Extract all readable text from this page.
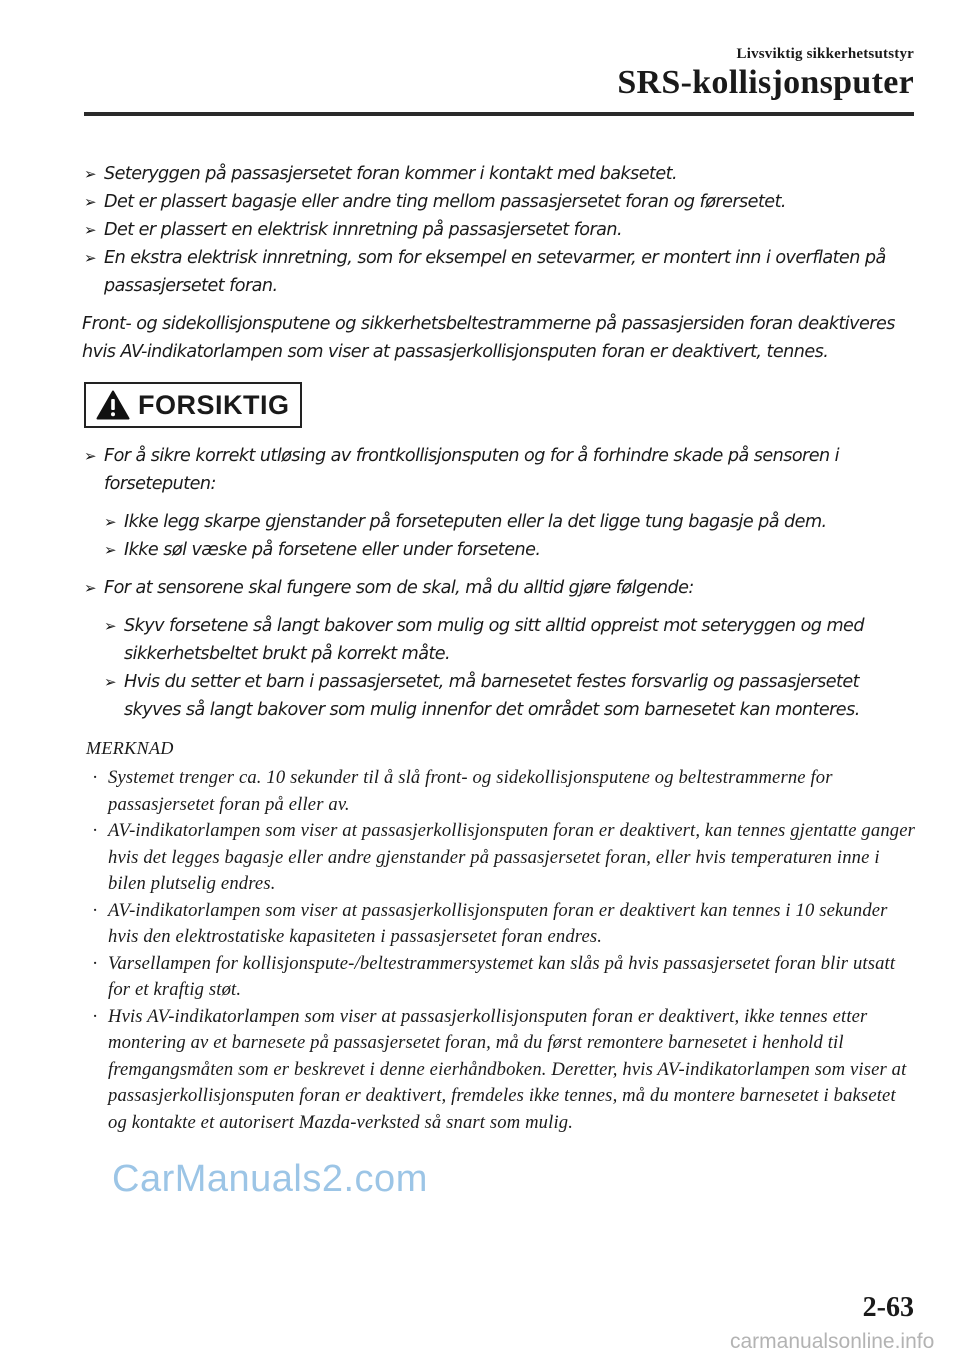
Livsviktig sikkerhetsutstyr
SRS-kollisjonsputer
➢ Seteryggen på passasjersetet foran kommer i kontakt med baksetet.
➢ Det er plassert bagasje eller andre ting mellom passasjersetet foran og førersetet.
➢ Det er plassert en elektrisk innretning på passasjersetet foran.
➢ En ekstra elektrisk innretning, som for eksempel en setevarmer, er montert inn i overflaten på passasjersetet foran.
Front- og sidekollisjonsputene og sikkerhetsbeltestrammerne på passasjersiden foran deaktiveres hvis AV-indikatorlampen som viser at passasjerkollisjonsputen foran er deaktivert, tennes.
FORSIKTIG
➢ For å sikre korrekt utløsing av frontkollisjonsputen og for å forhindre skade på sensoren i forseteputen:
➢ Ikke legg skarpe gjenstander på forseteputen eller la det ligge tung bagasje på dem.
➢ Ikke søl væske på forsetene eller under forsetene.
➢ For at sensorene skal fungere som de skal, må du alltid gjøre følgende:
➢ Skyv forsetene så langt bakover som mulig og sitt alltid oppreist mot seteryggen og med sikkerhetsbeltet brukt på korrekt måte.
➢ Hvis du setter et barn i passasjersetet, må barnesetet festes forsvarlig og passasjersetet skyves så langt bakover som mulig innenfor det området som barnesetet kan monteres.
MERKNAD
· Systemet trenger ca. 10 sekunder til å slå front- og sidekollisjonsputene og beltestrammerne for passasjersetet foran på eller av.
· AV-indikatorlampen som viser at passasjerkollisjonsputen foran er deaktivert, kan tennes gjentatte ganger hvis det legges bagasje eller andre gjenstander på passasjersetet foran, eller hvis temperaturen inne i bilen plutselig endres.
· AV-indikatorlampen som viser at passasjerkollisjonsputen foran er deaktivert kan tennes i 10 sekunder hvis den elektrostatiske kapasiteten i passasjersetet foran endres.
· Varsellampen for kollisjonspute-/beltestrammersystemet kan slås på hvis passasjersetet foran blir utsatt for et kraftig støt.
· Hvis AV-indikatorlampen som viser at passasjerkollisjonsputen foran er deaktivert, ikke tennes etter montering av et barnesete på passasjersetet foran, må du først remontere barnesetet i henhold til fremgangsmåten som er beskrevet i denne eierhåndboken. Deretter, hvis AV-indikatorlampen som viser at passasjerkollisjonsputen foran er deaktivert, fremdeles ikke tennes, må du montere barnesetet i baksetet og kontakte et autorisert Mazda-verksted så snart som mulig.
2-63
CarManuals2.com
carmanualsonline.info
